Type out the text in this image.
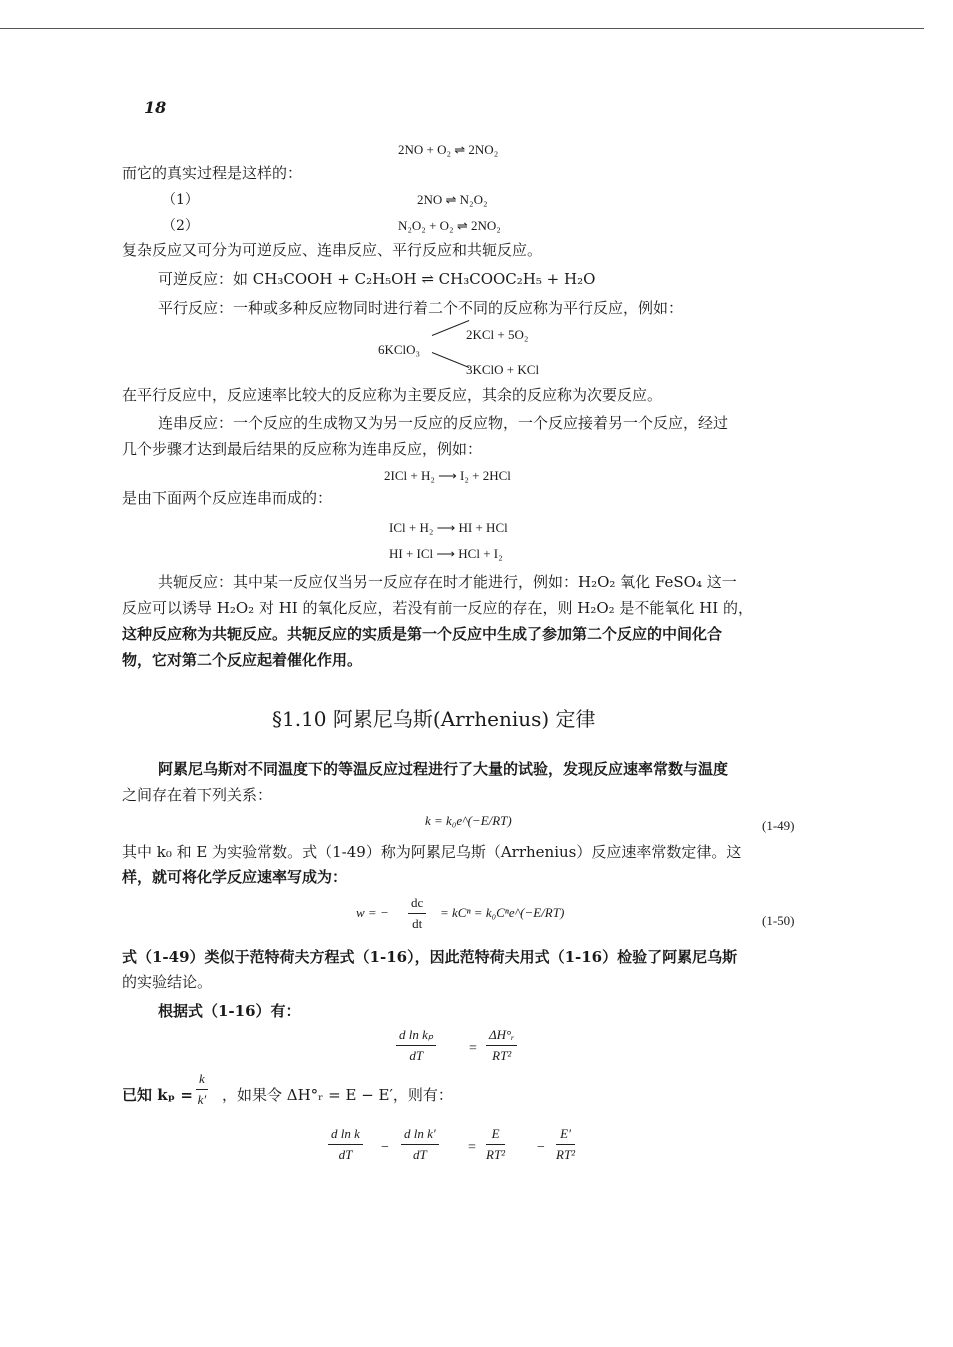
18
2NO + O₂ ⇌ 2NO₂
而它的真实过程是这样的：
（1）	2NO ⇌ N₂O₂
（2）	N₂O₂ + O₂ ⇌ 2NO₂
复杂反应又可分为可逆反应、连串反应、平行反应和共轭反应。
可逆反应：如 CH₃COOH + C₂H₅OH ⇌ CH₃COOC₂H₅ + H₂O
平行反应：一种或多种反应物同时进行着二个不同的反应称为平行反应，例如：
2KCl + 5O₂
6KClO₃
3KClO + KCl
在平行反应中，反应速率比较大的反应称为主要反应，其余的反应称为次要反应。
连串反应：一个反应的生成物又为另一反应的反应物，一个反应接着另一个反应，经过
几个步骤才达到最后结果的反应称为连串反应，例如：
2ICl + H₂ ⟶ I₂ + 2HCl
是由下面两个反应连串而成的：
ICl + H₂ ⟶ HI + HCl
HI + ICl ⟶ HCl + I₂
共轭反应：其中某一反应仅当另一反应存在时才能进行，例如：H₂O₂ 氧化 FeSO₄ 这一
反应可以诱导 H₂O₂ 对 HI 的氧化反应，若没有前一反应的存在，则 H₂O₂ 是不能氧化 HI 的，
这种反应称为共轭反应。共轭反应的实质是第一个反应中生成了参加第二个反应的中间化合
物，它对第二个反应起着催化作用。
§1.10 阿累尼乌斯(Arrhenius) 定律
阿累尼乌斯对不同温度下的等温反应过程进行了大量的试验，发现反应速率常数与温度
之间存在着下列关系：
k = k₀e^(−E/RT)	(1-49)
其中 k₀ 和 E 为实验常数。式（1-49）称为阿累尼乌斯（Arrhenius）反应速率常数定律。这
样，就可将化学反应速率写成为：
w = − $\frac{dc}{dt} = kC^n$ = k₀Cⁿe^(−E/RT)
(1-50)
式（1-49）类似于范特荷夫方程式（1-16），因此范特荷夫用式（1-16）检验了阿累尼乌斯
的实验结论。
根据式（1-16）有：
$\frac{\text{d ln kₚ}}{dT} = \frac{\text{ΔH°ᵣ}}{\text{RT²}}$
已知 $k_p = \frac{k}{k'}$ ，如果令 ΔH°ᵣ = E − E′，则有：
$\frac{\text{d ln k}}{dT} - \frac{\text{d ln k′}}{dT} = \frac{E}{\text{RT²}} - \frac{E'}{\text{RT²}}$
